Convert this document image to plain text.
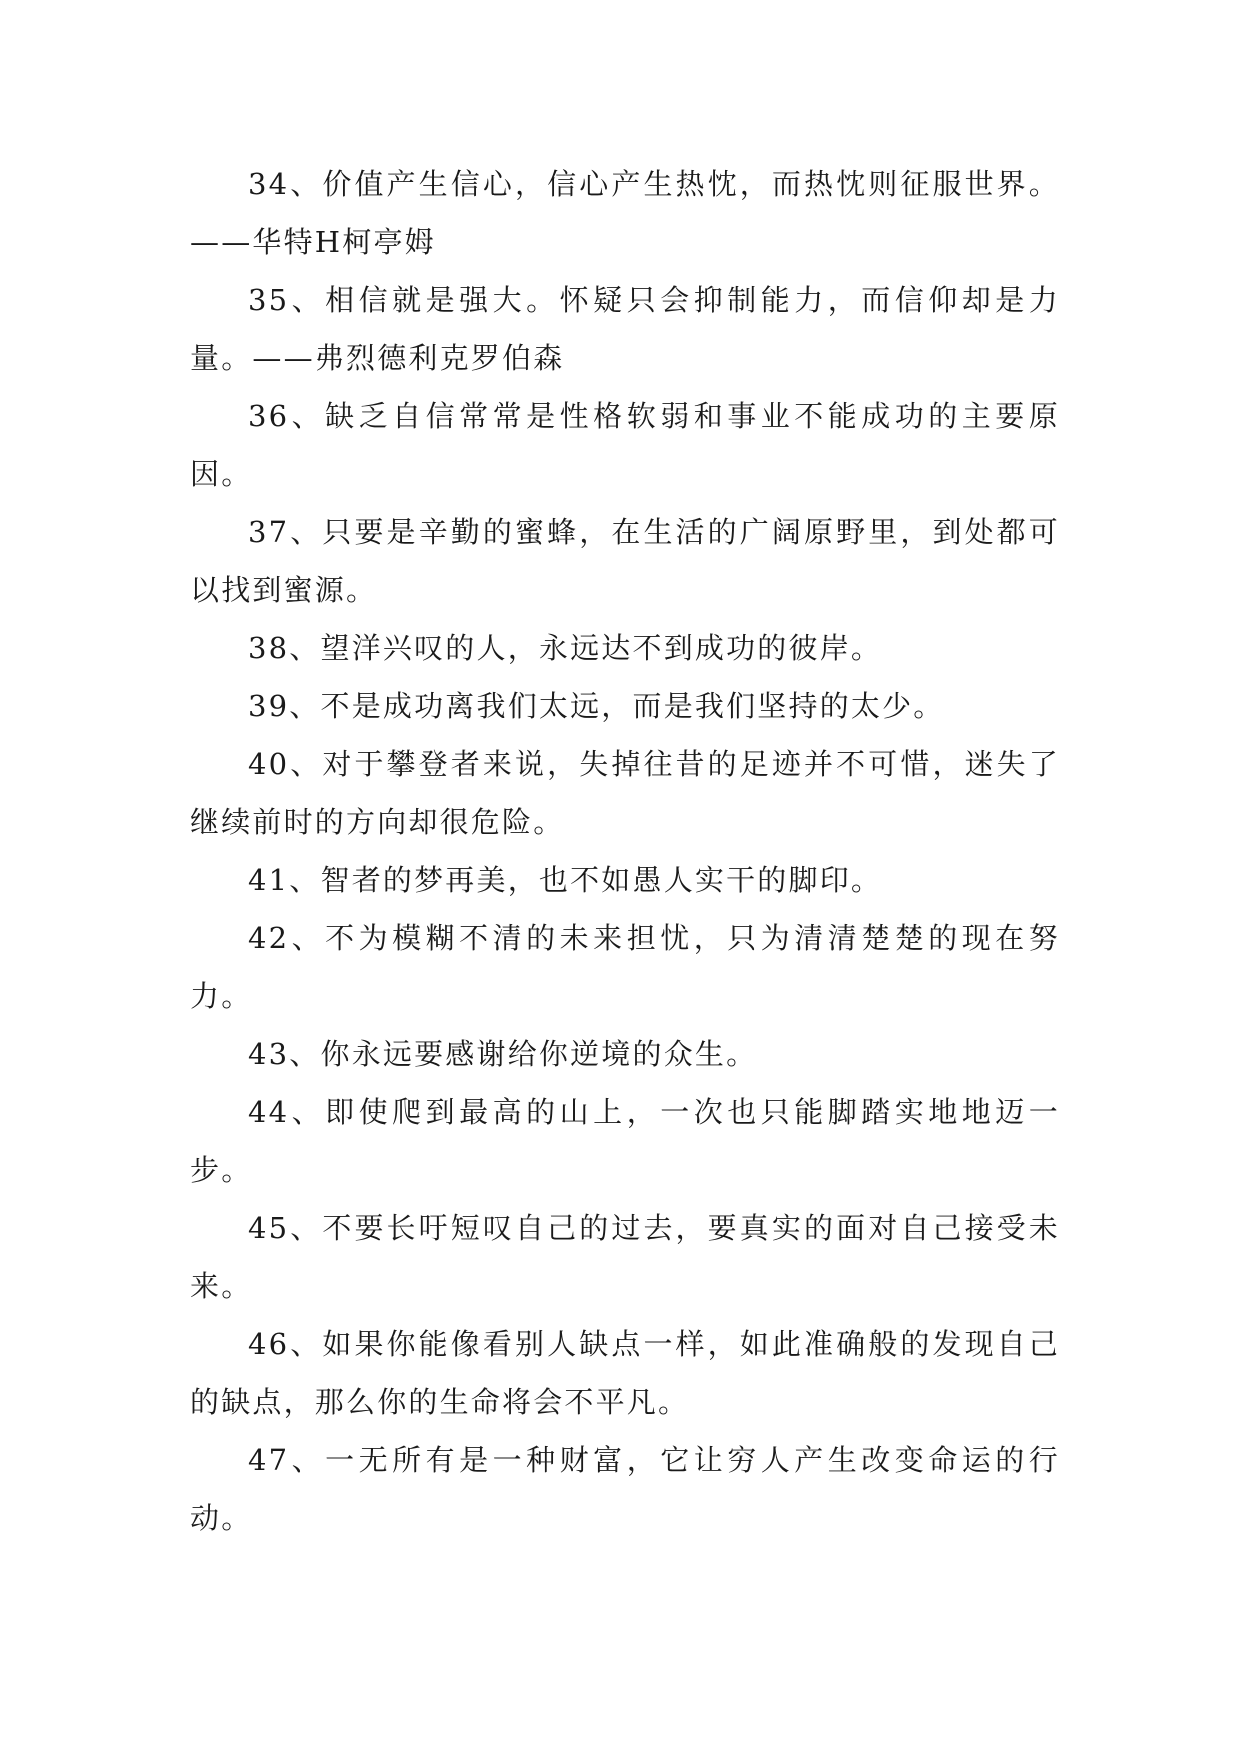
34、价值产生信心，信心产生热忱，而热忱则征服世界。——华特H柯亭姆

35、相信就是强大。怀疑只会抑制能力，而信仰却是力量。——弗烈德利克罗伯森

36、缺乏自信常常是性格软弱和事业不能成功的主要原因。

37、只要是辛勤的蜜蜂，在生活的广阔原野里，到处都可以找到蜜源。

38、望洋兴叹的人，永远达不到成功的彼岸。

39、不是成功离我们太远，而是我们坚持的太少。

40、对于攀登者来说，失掉往昔的足迹并不可惜，迷失了继续前时的方向却很危险。

41、智者的梦再美，也不如愚人实干的脚印。

42、不为模糊不清的未来担忧，只为清清楚楚的现在努力。

43、你永远要感谢给你逆境的众生。

44、即使爬到最高的山上，一次也只能脚踏实地地迈一步。

45、不要长吁短叹自己的过去，要真实的面对自己接受未来。

46、如果你能像看别人缺点一样，如此准确般的发现自己的缺点，那么你的生命将会不平凡。

47、一无所有是一种财富，它让穷人产生改变命运的行动。
